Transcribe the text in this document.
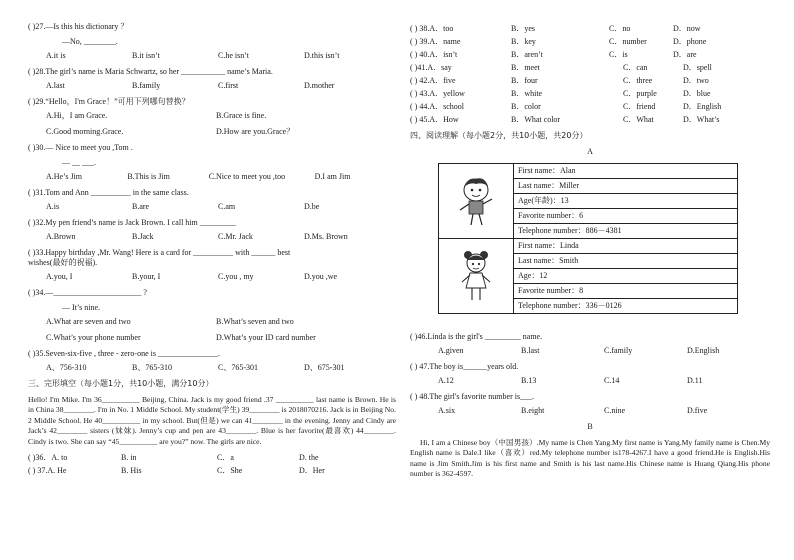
( )27.—Is this his dictionary ？
—No, ________.
A.it is	B.it isn’t	C.he isn’t	D.this isn’t
( )28.The girl’s name is Maria Schwartz, so her ___________ name’s Maria.
A.last	B.family	C.first	D.mother
( )29.“Hello，I'm Grace！”可用下列哪句替换？
A.Hi，I am Grace.	B.Grace is fine.
C.Good morning.Grace.	D.How are you.Grace？
( )30.— Nice to meet you ,Tom .
— __ ___.
A.He’s Jim	B.This is Jim	C.Nice to meet you ,too	D.I am Jim
( )31.Tom and Ann __________ in the same class.
A.is	B.are	C.am	D.be
( )32.My pen friend’s name is Jack Brown. I call him _________
A.Brown	B.Jack	C.Mr. Jack	D.Ms. Brown
( )33.Happy birthday ,Mr. Wang! Here is a card for __________ with ______ best
wishes(最好的祝福).
A.you, I	B.your, I	C.you , my	D.you ,we
( )34.—______________________ ?
— It’s nine.
A.What are seven and two	B.What’s seven and two
C.What’s your phone number	D.What’s your ID card number
( )35.Seven-six-five , three - zero-one is _______________.
A、756-310	B、765-310	C、765-301	D、675-301
三、完形填空（每小题1分，共10小题，满分10分）
Hello! I'm Mike. I'm 36__________ Beijing, China. Jack is my good friend .37 __________ last name is Brown. He is in China 38________. I'm in No. 1 Middle School. My student(学生) 39________ is 2018070216. Jack is in Beijing No. 2 Middle School. He 40__________ in my school. But(但是) we can 41________ in the evening. Jenny and Cindy are Jack’s 42________ sisters (妹妹). Jenny’s cup and pen are 43________. Blue is her favorite(最喜欢) 44________. Cindy is two. She can say “45__________ are you?” now. The girls are nice.
( )36．A. to	B. in	C．a	D. the
( ) 37.A. He	B. His	C．She	D．Her
( ) 38.A．too	B．yes	C．no	D．now
( ) 39.A．name	B．key	C．number	D．phone
( ) 40.A．isn’t	B．aren’t	C．is	D．are
( )41.A．say	B．meet	C．can	D．spell
( ) 42.A．five	B．four	C．three	D．two
( ) 43.A．yellow	B．white	C．purple	D．blue
( ) 44.A．school	B．color	C．friend	D．English
( ) 45.A．How	B．What color	C．What	D．What’s
四、阅读理解（每小题2分，共10小题，共20分）
A
	First name：Alan
	Last name：Miller
	Age(年龄)：13
	Favorite number：6
	Telephone number：886－4381
	First name：Linda
	Last name：Smith
	Age：12
	Favorite number：8
	Telephone number：336－0126
( )46.Linda is the girl's _________ name.
A.given	B.last	C.family	D.English
( ) 47.The boy is______years old.
A.12	B.13	C.14	D.11
( ) 48.The girl's favorite number is___.
A.six	B.eight	C.nine	D.five
B
Hi, I am a Chinese boy（中国男孩）.My name is Chen Yang.My first name is Yang.My family name is Chen.My English name is Dale.I like（喜欢）red.My telephone number is178-4267.I have a good friend.He is English.His name is Jim Smith.Jim is his first name and Smith is his last name.His Chinese name is Huang Qiang.His phone number is 362-4597.
